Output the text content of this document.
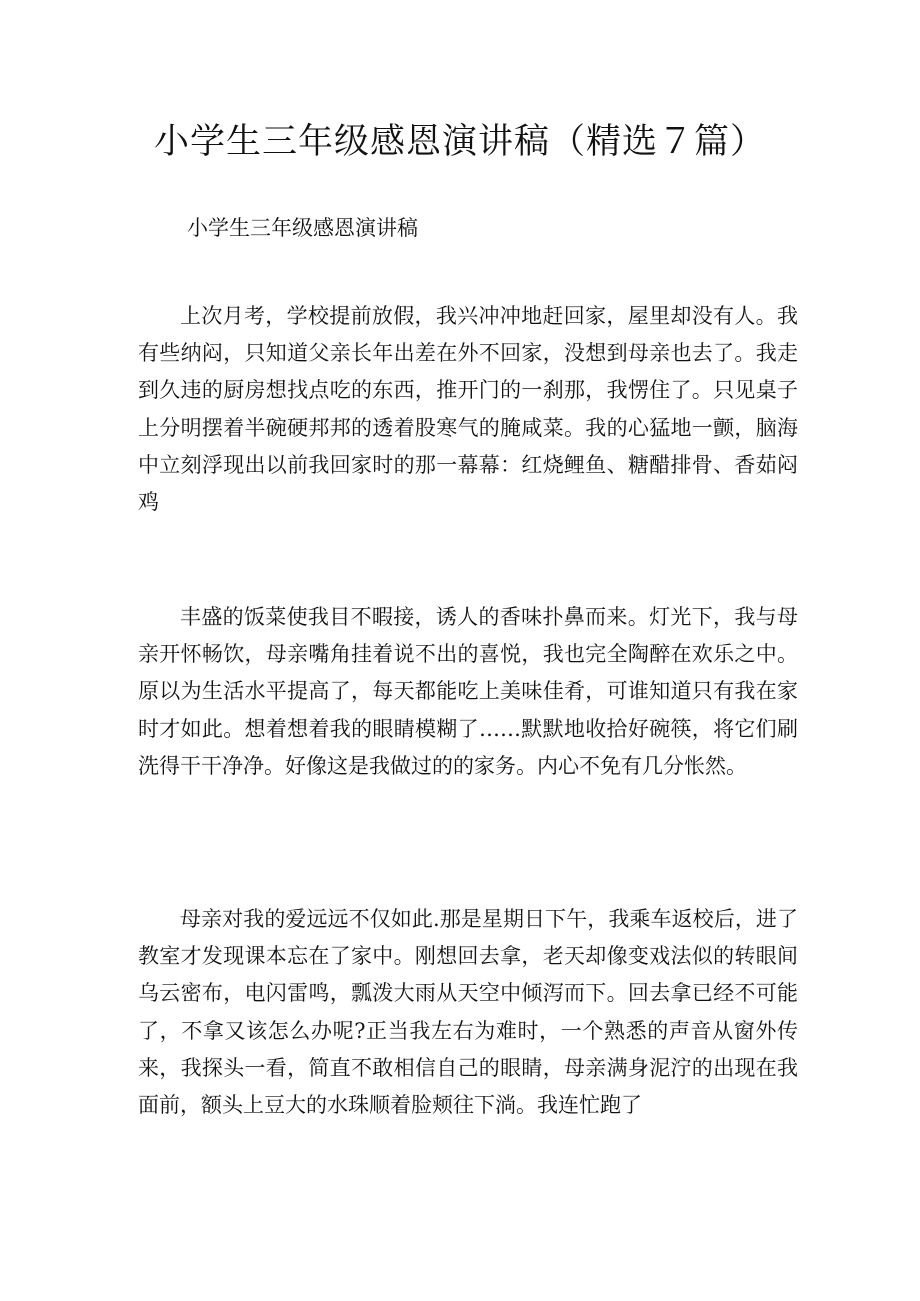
小学生三年级感恩演讲稿（精选７篇）

小学生三年级感恩演讲稿

上次月考，学校提前放假，我兴冲冲地赶回家，屋里却没有人。我有些纳闷，只知道父亲长年出差在外不回家，没想到母亲也去了。我走到久违的厨房想找点吃的东西，推开门的一刹那，我愣住了。只见桌子上分明摆着半碗硬邦邦的透着股寒气的腌咸菜。我的心猛地一颤，脑海中立刻浮现出以前我回家时的那一幕幕：红烧鲤鱼、糖醋排骨、香茹闷鸡

丰盛的饭菜使我目不暇接，诱人的香味扑鼻而来。灯光下，我与母亲开怀畅饮，母亲嘴角挂着说不出的喜悦，我也完全陶醉在欢乐之中。原以为生活水平提高了，每天都能吃上美味佳肴，可谁知道只有我在家时才如此。想着想着我的眼睛模糊了……默默地收拾好碗筷，将它们刷洗得干干净净。好像这是我做过的的家务。内心不免有几分怅然。

母亲对我的爱远远不仅如此.那是星期日下午，我乘车返校后，进了教室才发现课本忘在了家中。刚想回去拿，老天却像变戏法似的转眼间乌云密布，电闪雷鸣，瓢泼大雨从天空中倾泻而下。回去拿已经不可能了，不拿又该怎么办呢?正当我左右为难时，一个熟悉的声音从窗外传来，我探头一看，简直不敢相信自己的眼睛，母亲满身泥泞的出现在我面前，额头上豆大的水珠顺着脸颊往下淌。我连忙跑了
